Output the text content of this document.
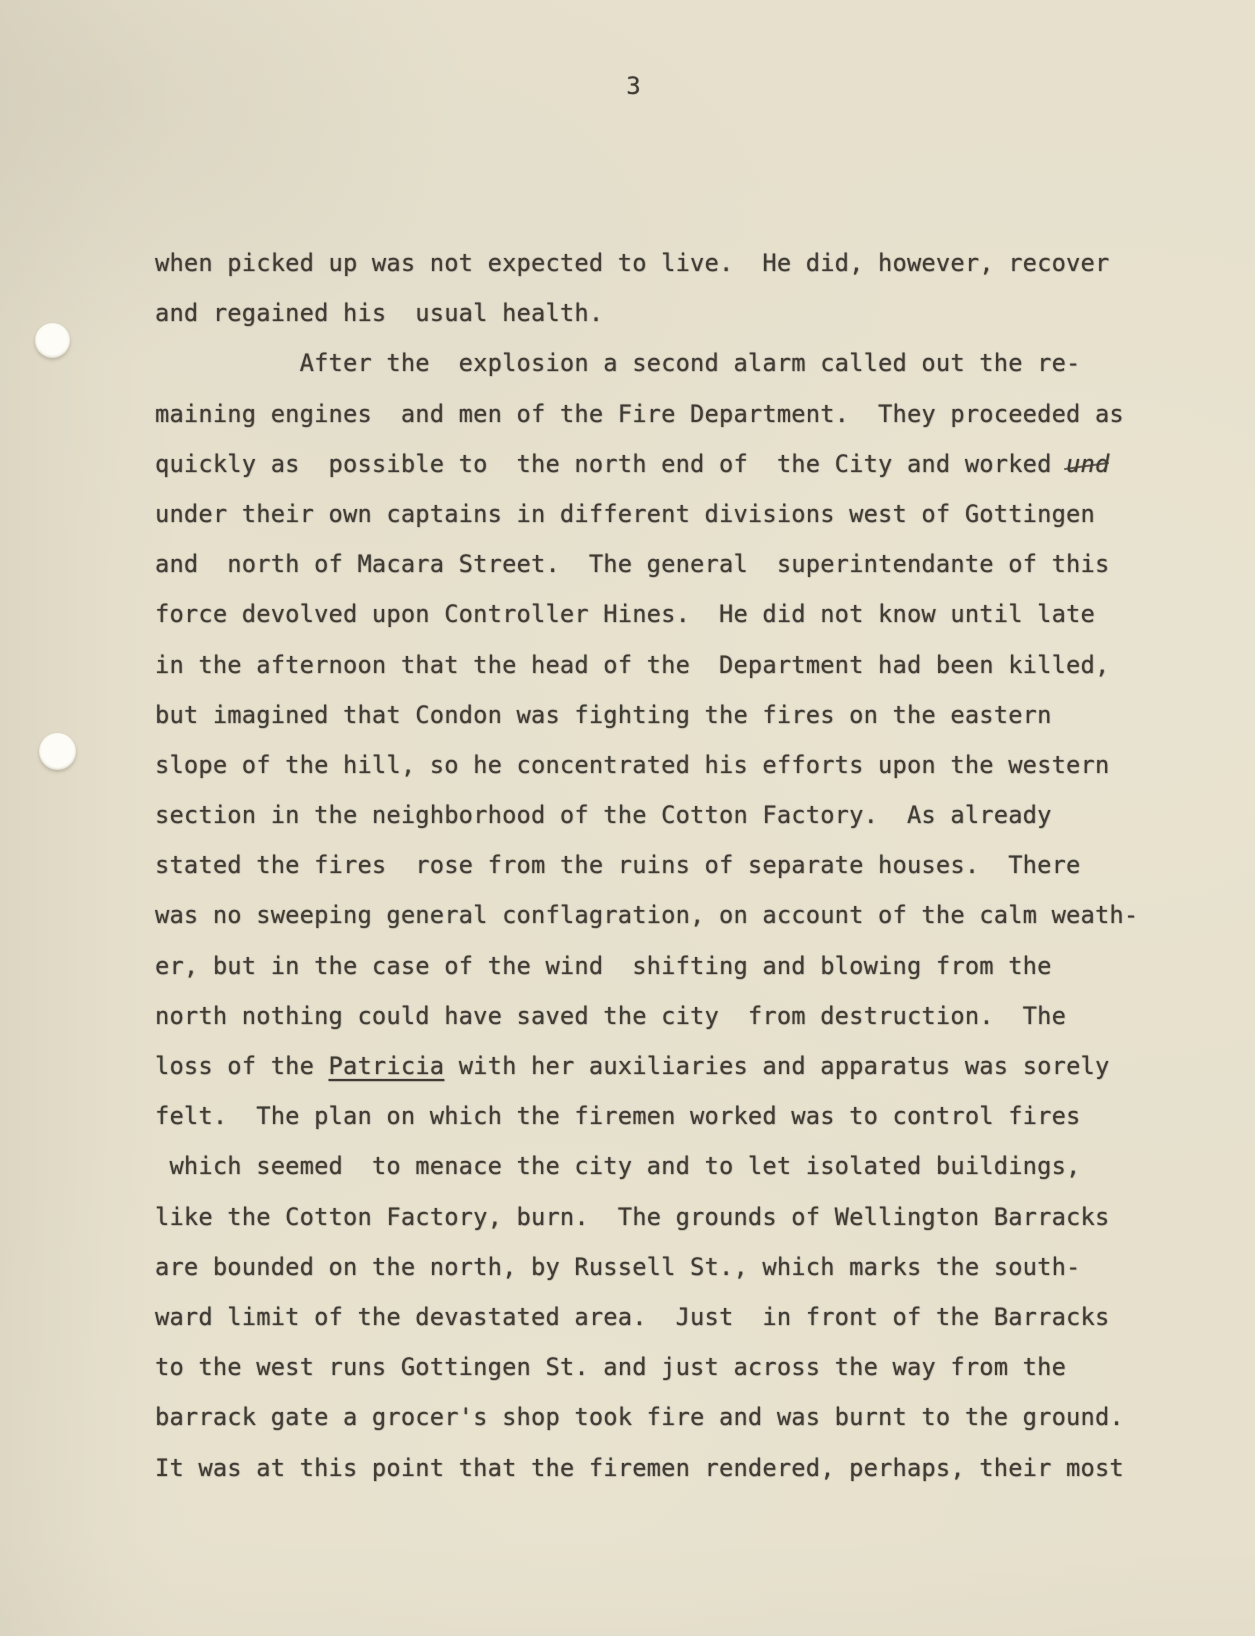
3
when picked up was not expected to live.  He did, however, recover
and regained his  usual health.
After the  explosion a second alarm called out the re-
maining engines  and men of the Fire Department.  They proceeded as
quickly as  possible to  the north end of  the City and worked und
under their own captains in different divisions west of Gottingen
and  north of Macara Street.  The general  superintendante of this
force devolved upon Controller Hines.  He did not know until late
in the afternoon that the head of the  Department had been killed,
but imagined that Condon was fighting the fires on the eastern
slope of the hill, so he concentrated his efforts upon the western
section in the neighborhood of the Cotton Factory.  As already
stated the fires  rose from the ruins of separate houses.  There
was no sweeping general conflagration, on account of the calm weath-
er, but in the case of the wind  shifting and blowing from the
north nothing could have saved the city  from destruction.  The
loss of the Patricia with her auxiliaries and apparatus was sorely
felt.  The plan on which the firemen worked was to control fires
which seemed  to menace the city and to let isolated buildings,
like the Cotton Factory, burn.  The grounds of Wellington Barracks
are bounded on the north, by Russell St., which marks the south-
ward limit of the devastated area.  Just  in front of the Barracks
to the west runs Gottingen St. and just across the way from the
barrack gate a grocer's shop took fire and was burnt to the ground.
It was at this point that the firemen rendered, perhaps, their most
